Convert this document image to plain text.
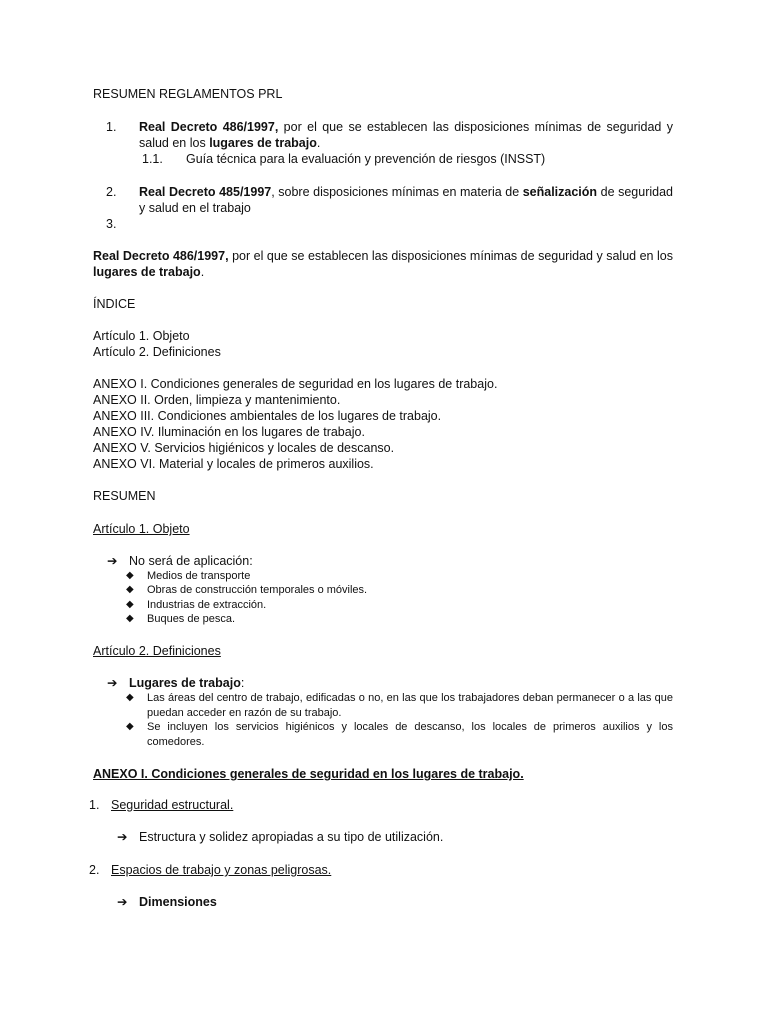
RESUMEN REGLAMENTOS PRL
1. Real Decreto 486/1997, por el que se establecen las disposiciones mínimas de seguridad y salud en los lugares de trabajo.
1.1. Guía técnica para la evaluación y prevención de riesgos (INSST)
2. Real Decreto 485/1997, sobre disposiciones mínimas en materia de señalización de seguridad y salud en el trabajo
3.
Real Decreto 486/1997, por el que se establecen las disposiciones mínimas de seguridad y salud en los lugares de trabajo.
ÍNDICE
Artículo 1. Objeto
Artículo 2. Definiciones
ANEXO I. Condiciones generales de seguridad en los lugares de trabajo.
ANEXO II. Orden, limpieza y mantenimiento.
ANEXO III. Condiciones ambientales de los lugares de trabajo.
ANEXO IV. Iluminación en los lugares de trabajo.
ANEXO V. Servicios higiénicos y locales de descanso.
ANEXO VI. Material y locales de primeros auxilios.
RESUMEN
Artículo 1. Objeto
➔ No será de aplicación:
◆ Medios de transporte
◆ Obras de construcción temporales o móviles.
◆ Industrias de extracción.
◆ Buques de pesca.
Artículo 2. Definiciones
➔ Lugares de trabajo:
◆ Las áreas del centro de trabajo, edificadas o no, en las que los trabajadores deban permanecer o a las que puedan acceder en razón de su trabajo.
◆ Se incluyen los servicios higiénicos y locales de descanso, los locales de primeros auxilios y los comedores.
ANEXO I. Condiciones generales de seguridad en los lugares de trabajo.
1. Seguridad estructural.
➔ Estructura y solidez apropiadas a su tipo de utilización.
2. Espacios de trabajo y zonas peligrosas.
➔ Dimensiones
